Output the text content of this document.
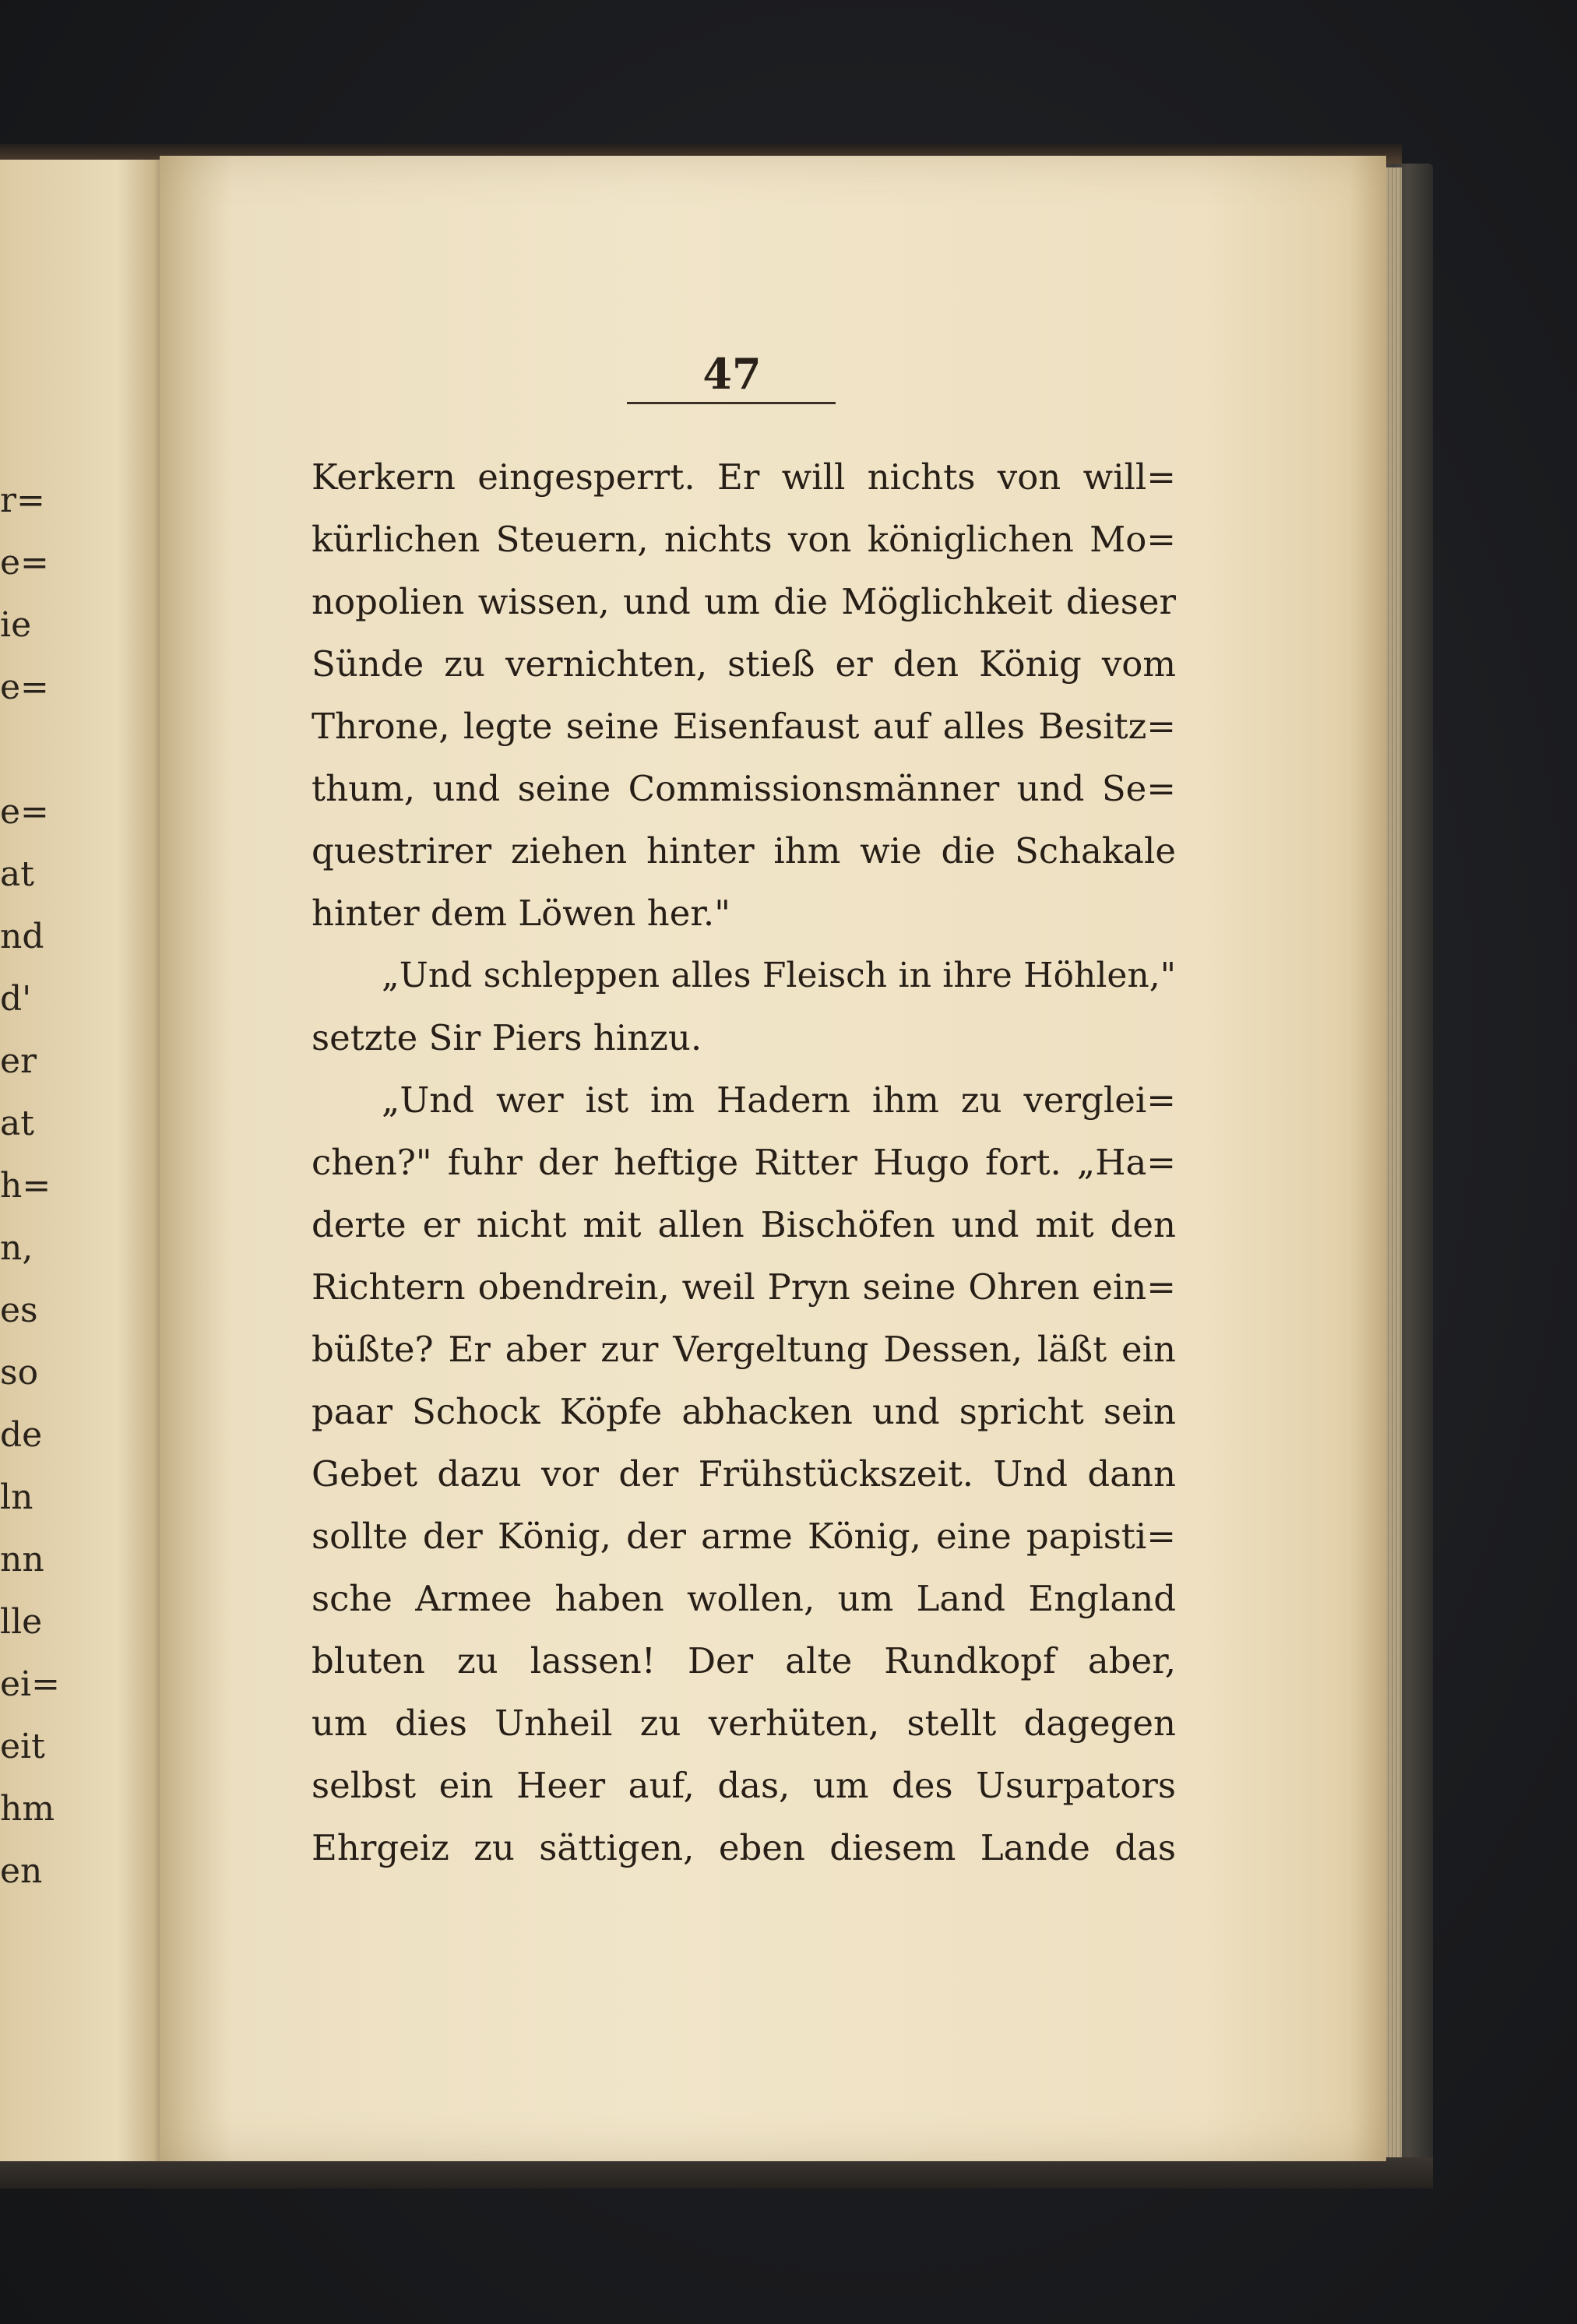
r=
e=
ie
e=
e=
at
nd
d'
er
at
h=
n,
es
so
de
ln
nn
lle
ei=
eit
hm
en
47
Kerkern eingesperrt. Er will nichts von will=
kürlichen Steuern, nichts von königlichen Mo=
nopolien wissen, und um die Möglichkeit dieser
Sünde zu vernichten, stieß er den König vom
Throne, legte seine Eisenfaust auf alles Besitz=
thum, und seine Commissionsmänner und Se=
questrirer ziehen hinter ihm wie die Schakale
hinter dem Löwen her."
„Und schleppen alles Fleisch in ihre Höhlen,"
setzte Sir Piers hinzu.
„Und wer ist im Hadern ihm zu verglei=
chen?" fuhr der heftige Ritter Hugo fort. „Ha=
derte er nicht mit allen Bischöfen und mit den
Richtern obendrein, weil Pryn seine Ohren ein=
büßte? Er aber zur Vergeltung Dessen, läßt ein
paar Schock Köpfe abhacken und spricht sein
Gebet dazu vor der Frühstückszeit. Und dann
sollte der König, der arme König, eine papisti=
sche Armee haben wollen, um Land England
bluten zu lassen! Der alte Rundkopf aber,
um dies Unheil zu verhüten, stellt dagegen
selbst ein Heer auf, das, um des Usurpators
Ehrgeiz zu sättigen, eben diesem Lande das
